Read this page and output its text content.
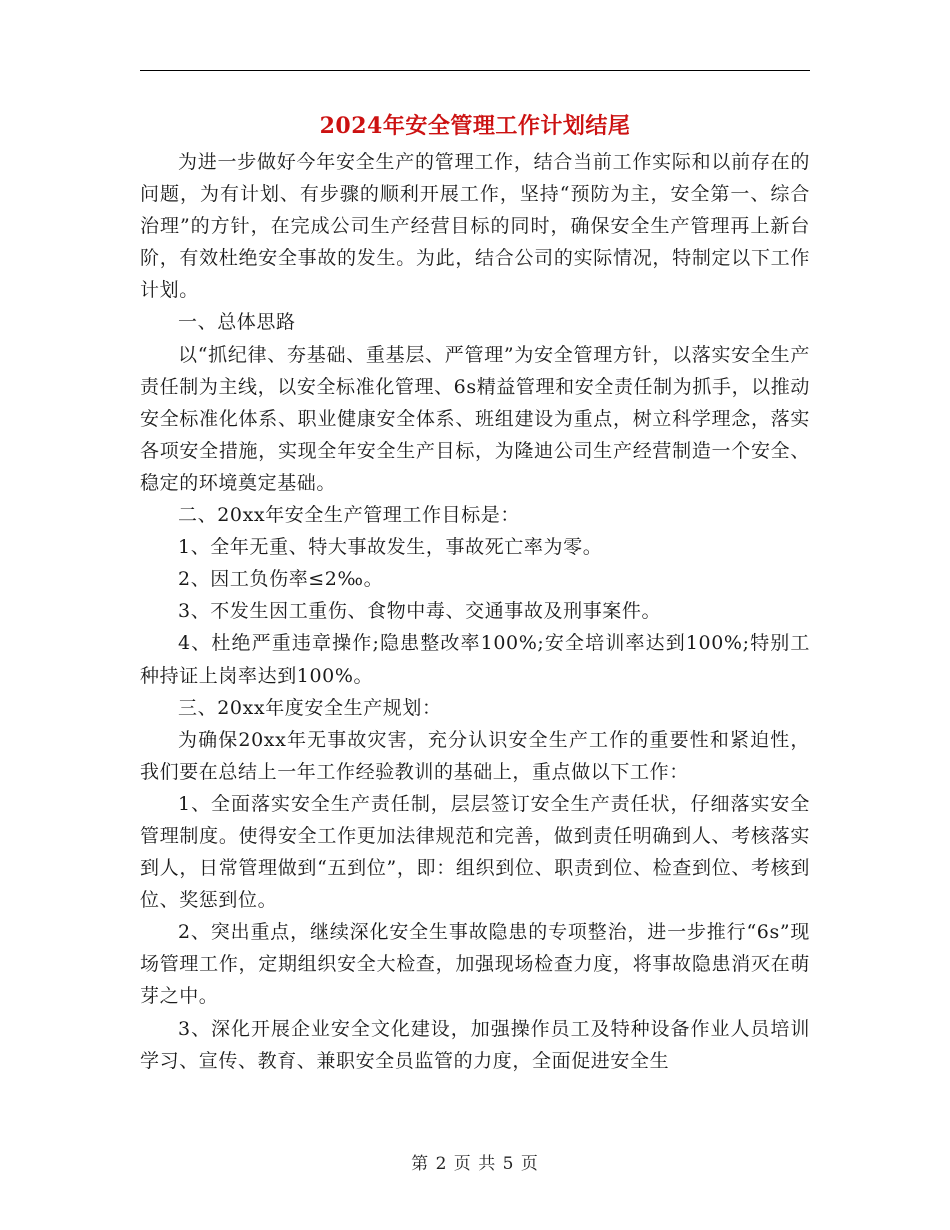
2024年安全管理工作计划结尾

为进一步做好今年安全生产的管理工作，结合当前工作实际和以前存在的问题，为有计划、有步骤的顺利开展工作，坚持“预防为主，安全第一、综合治理”的方针，在完成公司生产经营目标的同时，确保安全生产管理再上新台阶，有效杜绝安全事故的发生。为此，结合公司的实际情况，特制定以下工作计划。

一、总体思路

以“抓纪律、夯基础、重基层、严管理”为安全管理方针，以落实安全生产责任制为主线，以安全标准化管理、6s精益管理和安全责任制为抓手，以推动安全标准化体系、职业健康安全体系、班组建设为重点，树立科学理念，落实各项安全措施，实现全年安全生产目标，为隆迪公司生产经营制造一个安全、稳定的环境奠定基础。

二、20xx年安全生产管理工作目标是：

1、全年无重、特大事故发生，事故死亡率为零。

2、因工负伤率≤2‰。

3、不发生因工重伤、食物中毒、交通事故及刑事案件。

4、杜绝严重违章操作;隐患整改率100%;安全培训率达到100%;特别工种持证上岗率达到100%。

三、20xx年度安全生产规划：

为确保20xx年无事故灾害，充分认识安全生产工作的重要性和紧迫性，我们要在总结上一年工作经验教训的基础上，重点做以下工作：

1、全面落实安全生产责任制，层层签订安全生产责任状，仔细落实安全管理制度。使得安全工作更加法律规范和完善，做到责任明确到人、考核落实到人，日常管理做到“五到位”，即：组织到位、职责到位、检查到位、考核到位、奖惩到位。

2、突出重点，继续深化安全生事故隐患的专项整治，进一步推行“6s”现场管理工作，定期组织安全大检查，加强现场检查力度，将事故隐患消灭在萌芽之中。

3、深化开展企业安全文化建设，加强操作员工及特种设备作业人员培训学习、宣传、教育、兼职安全员监管的力度，全面促进安全生

第 2 页 共 5 页
